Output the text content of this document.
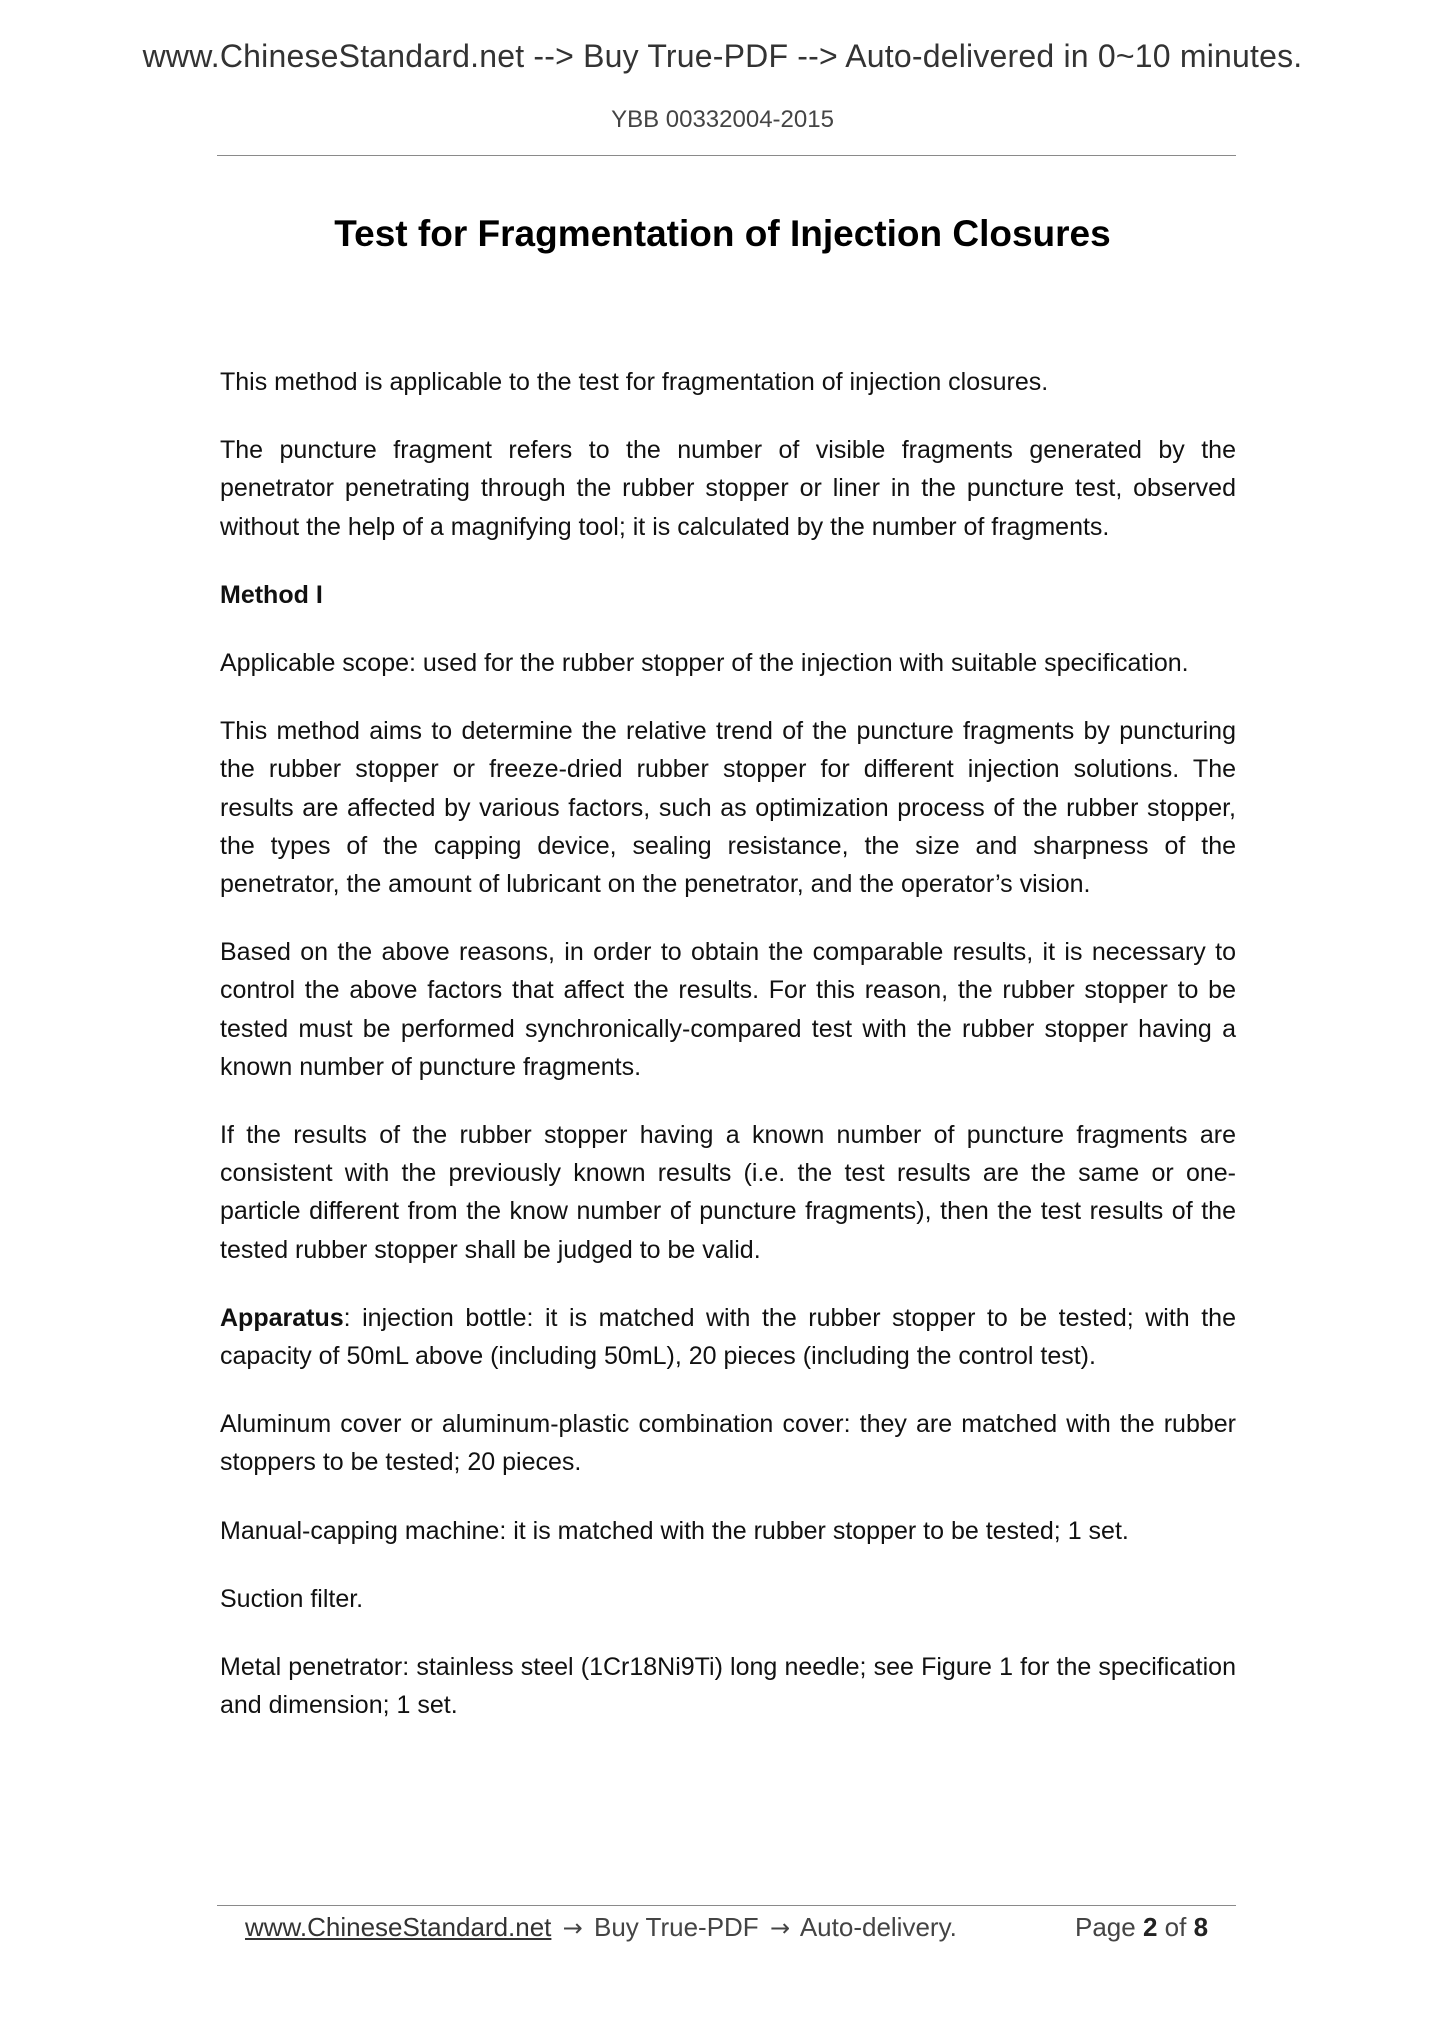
www.ChineseStandard.net --> Buy True-PDF --> Auto-delivered in 0~10 minutes.
YBB 00332004-2015
Test for Fragmentation of Injection Closures

This method is applicable to the test for fragmentation of injection closures.

The puncture fragment refers to the number of visible fragments generated by the penetrator penetrating through the rubber stopper or liner in the puncture test, observed without the help of a magnifying tool; it is calculated by the number of fragments.

Method I

Applicable scope: used for the rubber stopper of the injection with suitable specification.

This method aims to determine the relative trend of the puncture fragments by puncturing the rubber stopper or freeze-dried rubber stopper for different injection solutions. The results are affected by various factors, such as optimization process of the rubber stopper, the types of the capping device, sealing resistance, the size and sharpness of the penetrator, the amount of lubricant on the penetrator, and the operator’s vision.

Based on the above reasons, in order to obtain the comparable results, it is necessary to control the above factors that affect the results. For this reason, the rubber stopper to be tested must be performed synchronically-compared test with the rubber stopper having a known number of puncture fragments.

If the results of the rubber stopper having a known number of puncture fragments are consistent with the previously known results (i.e. the test results are the same or one-particle different from the know number of puncture fragments), then the test results of the tested rubber stopper shall be judged to be valid.

Apparatus: injection bottle: it is matched with the rubber stopper to be tested; with the capacity of 50mL above (including 50mL), 20 pieces (including the control test).

Aluminum cover or aluminum-plastic combination cover: they are matched with the rubber stoppers to be tested; 20 pieces.

Manual-capping machine: it is matched with the rubber stopper to be tested; 1 set.

Suction filter.

Metal penetrator: stainless steel (1Cr18Ni9Ti) long needle; see Figure 1 for the specification and dimension; 1 set.

www.ChineseStandard.net → Buy True-PDF → Auto-delivery.	Page 2 of 8
